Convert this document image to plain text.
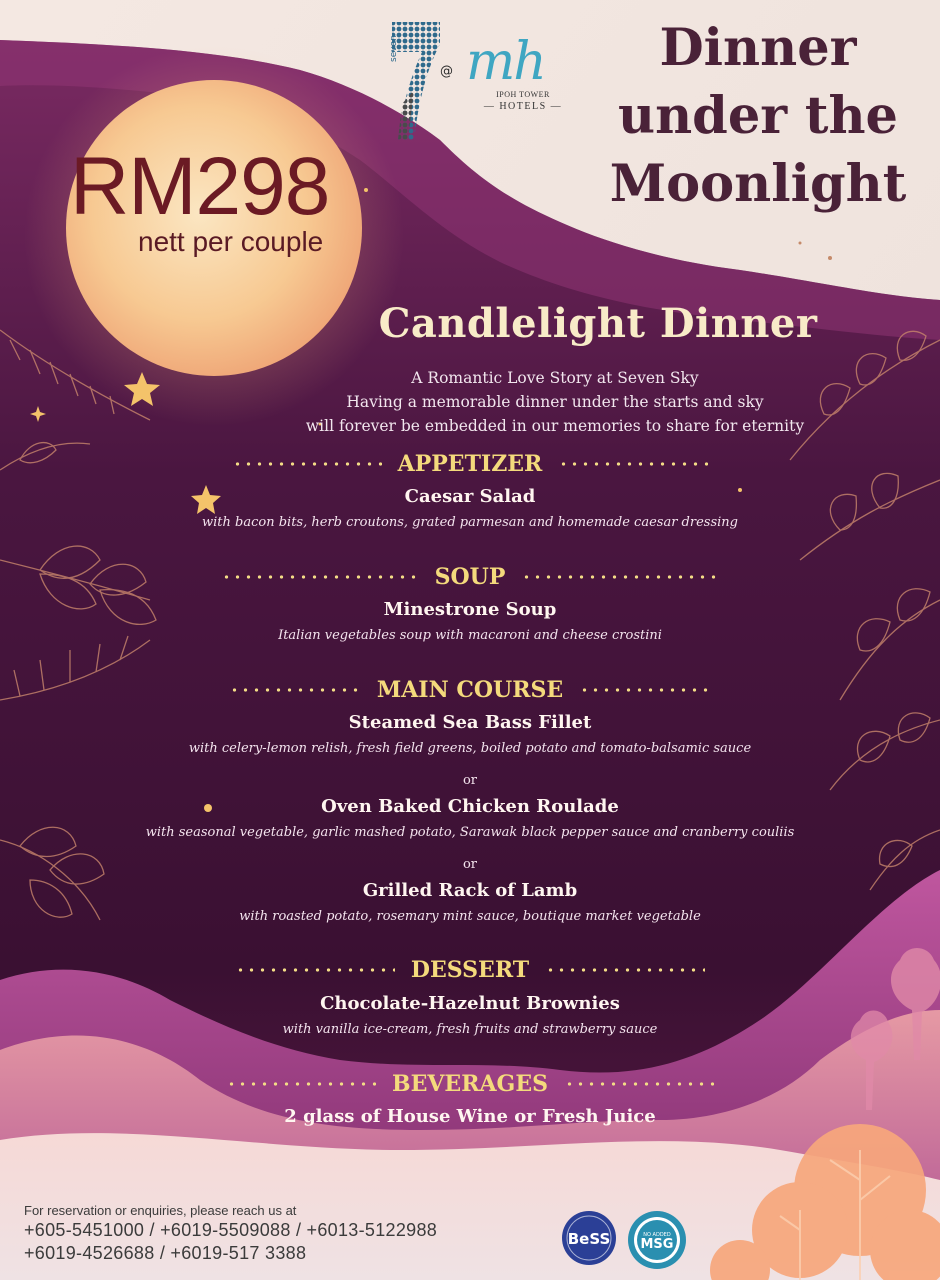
seven
@ mh
IPOH TOWER
— HOTELS —
Dinner
under the
Moonlight
RM298
nett per couple
Candlelight Dinner
A Romantic Love Story at Seven Sky
Having a memorable dinner under the starts and sky
will forever be embedded in our memories to share for eternity
APPETIZER
Caesar Salad
with bacon bits, herb croutons, grated parmesan and homemade caesar dressing
SOUP
Minestrone Soup
Italian vegetables soup with macaroni and cheese crostini
MAIN COURSE
Steamed Sea Bass Fillet
with celery-lemon relish, fresh field greens, boiled potato and tomato-balsamic sauce
or
Oven Baked Chicken Roulade
with seasonal vegetable, garlic mashed potato, Sarawak black pepper sauce and cranberry couliis
or
Grilled Rack of Lamb
with roasted potato, rosemary mint sauce, boutique market vegetable
DESSERT
Chocolate-Hazelnut Brownies
with vanilla ice-cream, fresh fruits and strawberry sauce
BEVERAGES
2 glass of House Wine or Fresh Juice
For reservation or enquiries, please reach us at
+605-5451000 / +6019-5509088 / +6013-5122988
+6019-4526688 / +6019-517 3388
BeSS	NO ADDED
MSG
